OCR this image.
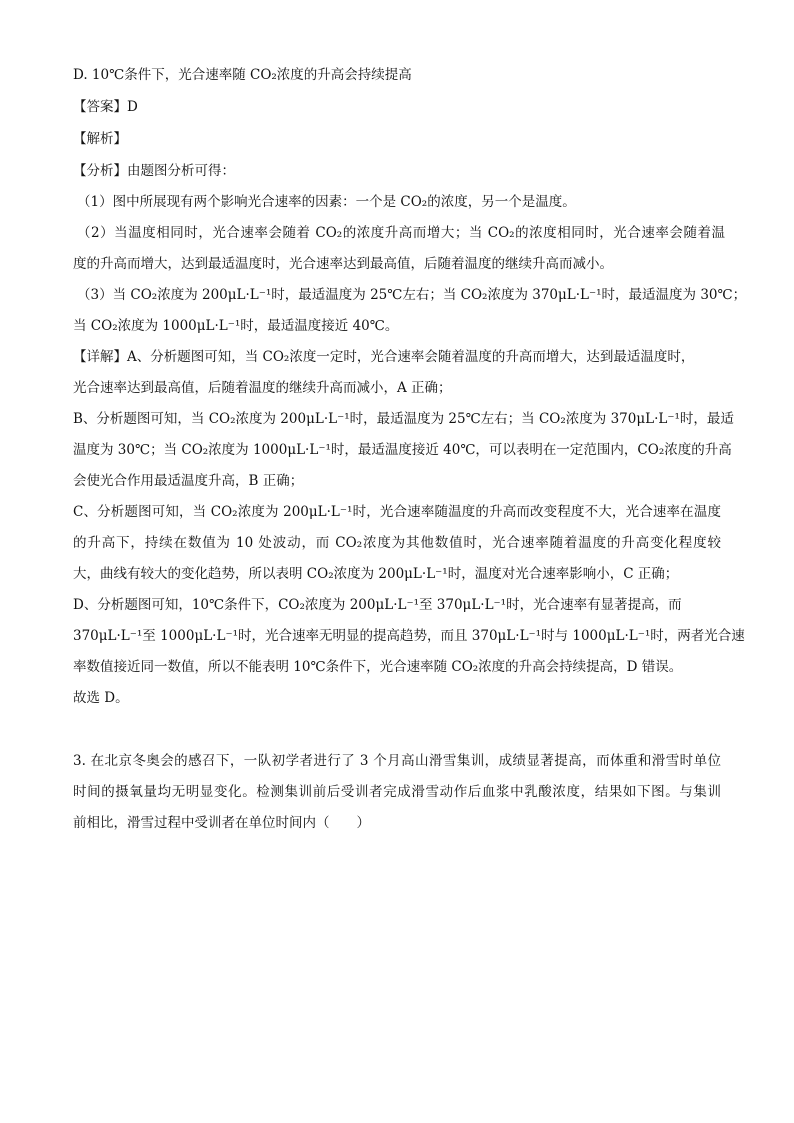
D. 10℃条件下，光合速率随 CO₂浓度的升高会持续提高
【答案】D
【解析】
【分析】由题图分析可得：
（1）图中所展现有两个影响光合速率的因素：一个是 CO₂的浓度，另一个是温度。
（2）当温度相同时，光合速率会随着 CO₂的浓度升高而增大；当 CO₂的浓度相同时，光合速率会随着温
度的升高而增大，达到最适温度时，光合速率达到最高值，后随着温度的继续升高而减小。
（3）当 CO₂浓度为 200μL·L⁻¹时，最适温度为 25℃左右；当 CO₂浓度为 370μL·L⁻¹时，最适温度为 30℃；
当 CO₂浓度为 1000μL·L⁻¹时，最适温度接近 40℃。
【详解】A、分析题图可知，当 CO₂浓度一定时，光合速率会随着温度的升高而增大，达到最适温度时，
光合速率达到最高值，后随着温度的继续升高而减小，A 正确；
B、分析题图可知，当 CO₂浓度为 200μL·L⁻¹时，最适温度为 25℃左右；当 CO₂浓度为 370μL·L⁻¹时，最适
温度为 30℃；当 CO₂浓度为 1000μL·L⁻¹时，最适温度接近 40℃，可以表明在一定范围内，CO₂浓度的升高
会使光合作用最适温度升高，B 正确；
C、分析题图可知，当 CO₂浓度为 200μL·L⁻¹时，光合速率随温度的升高而改变程度不大，光合速率在温度
的升高下，持续在数值为 10 处波动，而 CO₂浓度为其他数值时，光合速率随着温度的升高变化程度较
大，曲线有较大的变化趋势，所以表明 CO₂浓度为 200μL·L⁻¹时，温度对光合速率影响小，C 正确；
D、分析题图可知，10℃条件下，CO₂浓度为 200μL·L⁻¹至 370μL·L⁻¹时，光合速率有显著提高，而
370μL·L⁻¹至 1000μL·L⁻¹时，光合速率无明显的提高趋势，而且 370μL·L⁻¹时与 1000μL·L⁻¹时，两者光合速
率数值接近同一数值，所以不能表明 10℃条件下，光合速率随 CO₂浓度的升高会持续提高，D 错误。
故选 D。
3. 在北京冬奥会的感召下，一队初学者进行了 3 个月高山滑雪集训，成绩显著提高，而体重和滑雪时单位
时间的摄氧量均无明显变化。检测集训前后受训者完成滑雪动作后血浆中乳酸浓度，结果如下图。与集训
前相比，滑雪过程中受训者在单位时间内（　　）
